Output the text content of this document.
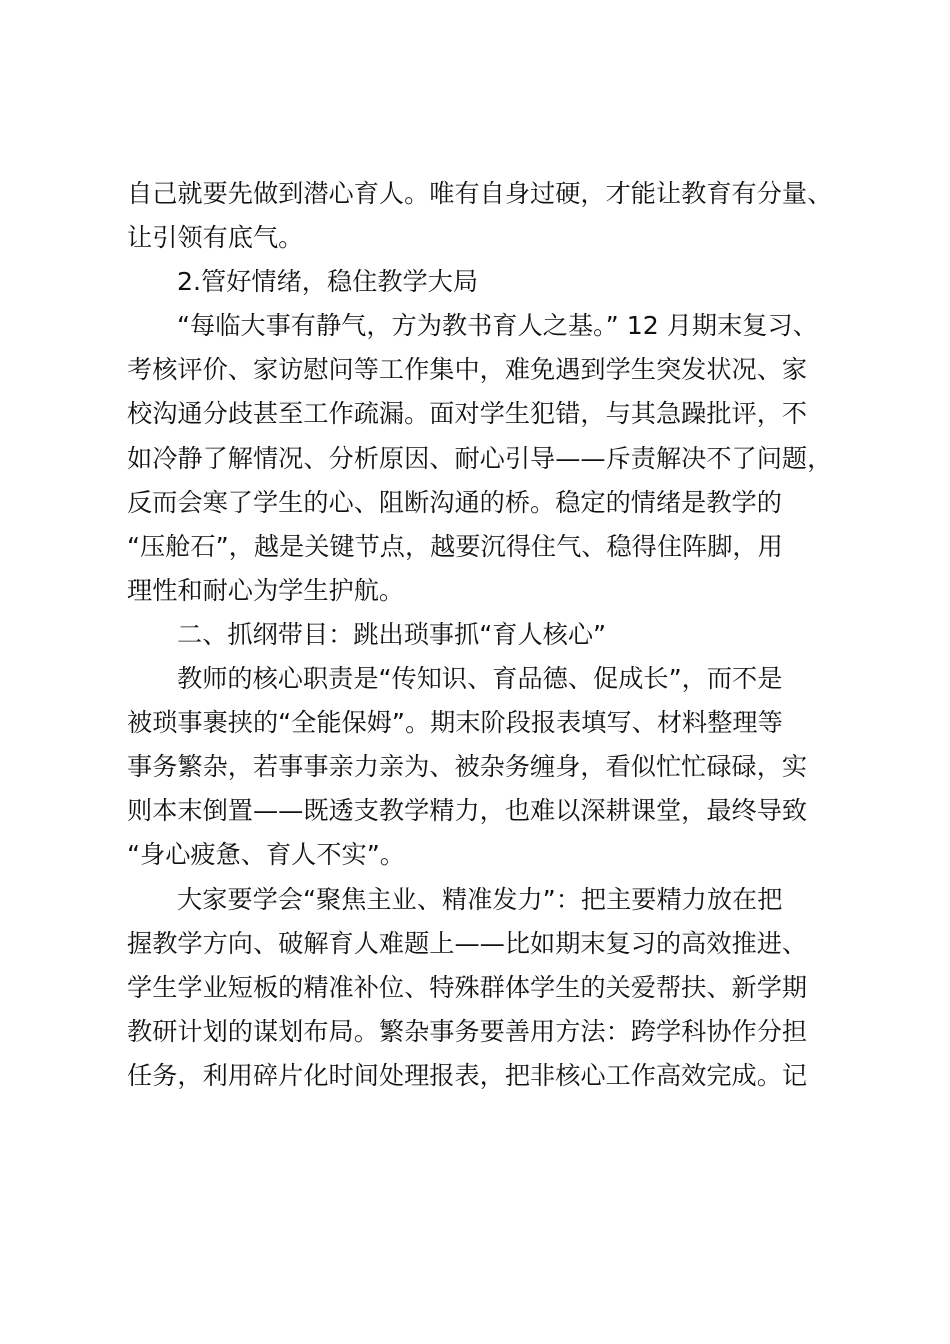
自己就要先做到潜心育人。唯有自身过硬，才能让教育有分量、
让引领有底气。
2.管好情绪，稳住教学大局
“每临大事有静气，方为教书育人之基。” 12 月期末复习、
考核评价、家访慰问等工作集中，难免遇到学生突发状况、家
校沟通分歧甚至工作疏漏。面对学生犯错，与其急躁批评，不
如冷静了解情况、分析原因、耐心引导——斥责解决不了问题，
反而会寒了学生的心、阻断沟通的桥。稳定的情绪是教学的
“压舱石”，越是关键节点，越要沉得住气、稳得住阵脚，用
理性和耐心为学生护航。
二、抓纲带目：跳出琐事抓“育人核心”
教师的核心职责是“传知识、育品德、促成长”，而不是
被琐事裹挟的“全能保姆”。期末阶段报表填写、材料整理等
事务繁杂，若事事亲力亲为、被杂务缠身，看似忙忙碌碌，实
则本末倒置——既透支教学精力，也难以深耕课堂，最终导致
“身心疲惫、育人不实”。
大家要学会“聚焦主业、精准发力”：把主要精力放在把
握教学方向、破解育人难题上——比如期末复习的高效推进、
学生学业短板的精准补位、特殊群体学生的关爱帮扶、新学期
教研计划的谋划布局。繁杂事务要善用方法：跨学科协作分担
任务，利用碎片化时间处理报表，把非核心工作高效完成。记
